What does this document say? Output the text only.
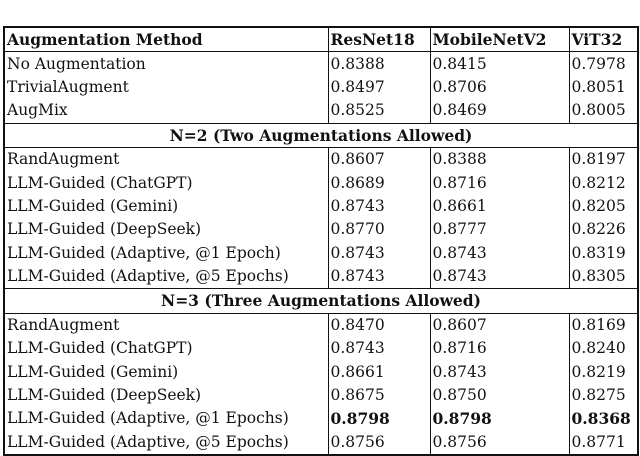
Augmentation Method	ResNet18	MobileNetV2	ViT32
No Augmentation	0.8388	0.8415	0.7978
TrivialAugment	0.8497	0.8706	0.8051
AugMix	0.8525	0.8469	0.8005
N=2 (Two Augmentations Allowed)			
RandAugment	0.8607	0.8388	0.8197
LLM-Guided (ChatGPT)	0.8689	0.8716	0.8212
LLM-Guided (Gemini)	0.8743	0.8661	0.8205
LLM-Guided (DeepSeek)	0.8770	0.8777	0.8226
LLM-Guided (Adaptive, @1 Epoch)	0.8743	0.8743	0.8319
LLM-Guided (Adaptive, @5 Epochs)	0.8743	0.8743	0.8305
N=3 (Three Augmentations Allowed)			
RandAugment	0.8470	0.8607	0.8169
LLM-Guided (ChatGPT)	0.8743	0.8716	0.8240
LLM-Guided (Gemini)	0.8661	0.8743	0.8219
LLM-Guided (DeepSeek)	0.8675	0.8750	0.8275
LLM-Guided (Adaptive, @1 Epochs)	0.8798	0.8798	0.8368
LLM-Guided (Adaptive, @5 Epochs)	0.8756	0.8756	0.8771
